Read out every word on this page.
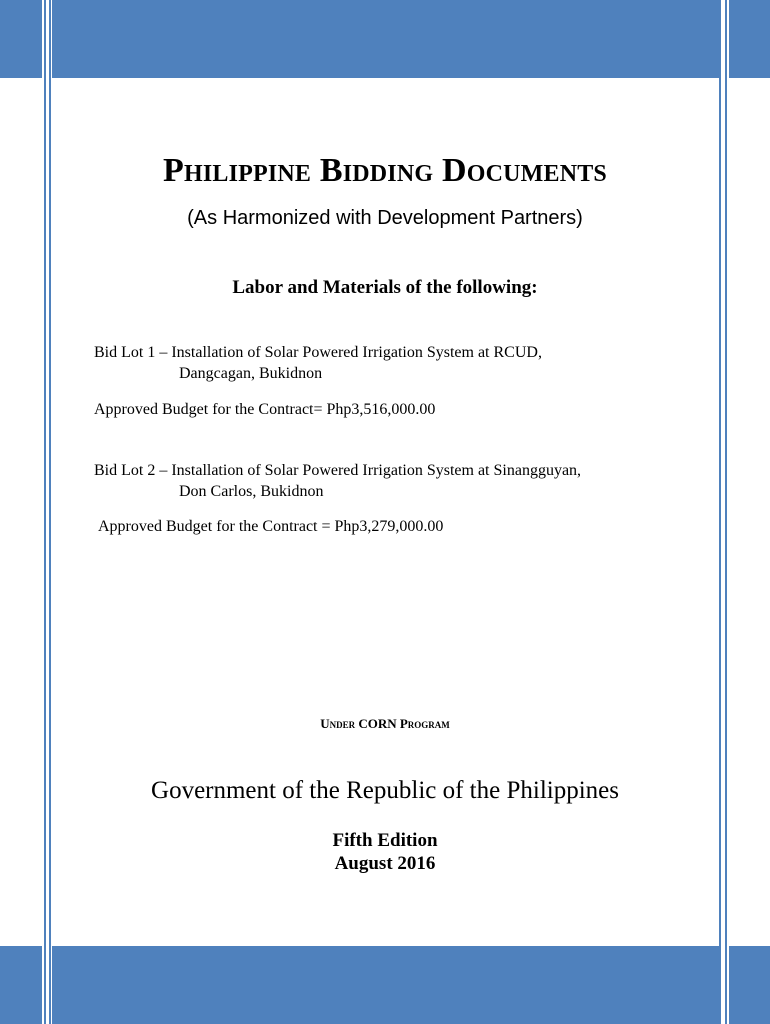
Philippine Bidding Documents
(As Harmonized with Development Partners)
Labor and Materials of the following:
Bid Lot 1 – Installation of Solar Powered Irrigation System at RCUD,
Dangcagan, Bukidnon
Approved Budget for the Contract= Php3,516,000.00
Bid Lot 2 – Installation of Solar Powered Irrigation System at Sinangguyan,
Don Carlos, Bukidnon
Approved Budget for the Contract = Php3,279,000.00
Under CORN Program
Government of the Republic of the Philippines
Fifth Edition
August 2016
